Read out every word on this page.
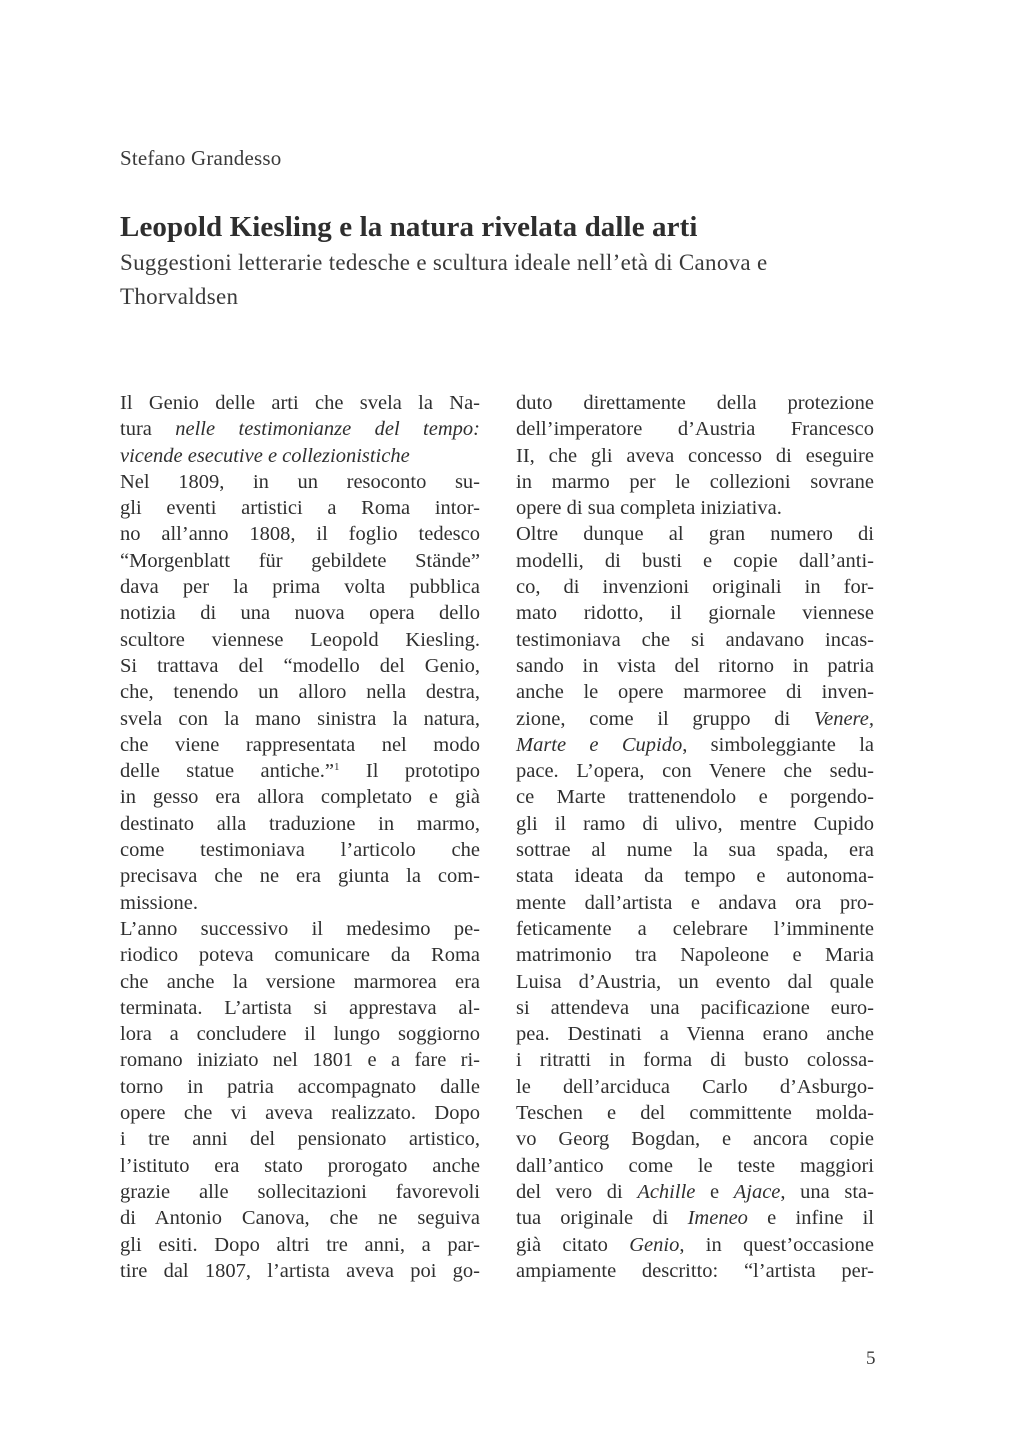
Stefano Grandesso
Leopold Kiesling e la natura rivelata dalle arti
Suggestioni letterarie tedesche e scultura ideale nell’età di Canova e Thorvaldsen
Il Genio delle arti che svela la Na-
tura nelle testimonianze del tempo:
vicende esecutive e collezionistiche
Nel 1809, in un resoconto su-
gli eventi artistici a Roma intor-
no all’anno 1808, il foglio tedesco
“Morgenblatt für gebildete Stände”
dava per la prima volta pubblica
notizia di una nuova opera dello
scultore viennese Leopold Kiesling.
Si trattava del “modello del Genio,
che, tenendo un alloro nella destra,
svela con la mano sinistra la natura,
che viene rappresentata nel modo
delle statue antiche.”$^1$ Il prototipo
in gesso era allora completato e già
destinato alla traduzione in marmo,
come testimoniava l’articolo che
precisava che ne era giunta la com-
missione.
L’anno successivo il medesimo pe-
riodico poteva comunicare da Roma
che anche la versione marmorea era
terminata. L’artista si apprestava al-
lora a concludere il lungo soggiorno
romano iniziato nel 1801 e a fare ri-
torno in patria accompagnato dalle
opere che vi aveva realizzato. Dopo
i tre anni del pensionato artistico,
l’istituto era stato prorogato anche
grazie alle sollecitazioni favorevoli
di Antonio Canova, che ne seguiva
gli esiti. Dopo altri tre anni, a par-
tire dal 1807, l’artista aveva poi go-
duto direttamente della protezione
dell’imperatore d’Austria Francesco
II, che gli aveva concesso di eseguire
in marmo per le collezioni sovrane
opere di sua completa iniziativa.
Oltre dunque al gran numero di
modelli, di busti e copie dall’anti-
co, di invenzioni originali in for-
mato ridotto, il giornale viennese
testimoniava che si andavano incas-
sando in vista del ritorno in patria
anche le opere marmoree di inven-
zione, come il gruppo di Venere,
Marte e Cupido, simboleggiante la
pace. L’opera, con Venere che sedu-
ce Marte trattenendolo e porgendo-
gli il ramo di ulivo, mentre Cupido
sottrae al nume la sua spada, era
stata ideata da tempo e autonoma-
mente dall’artista e andava ora pro-
feticamente a celebrare l’imminente
matrimonio tra Napoleone e Maria
Luisa d’Austria, un evento dal quale
si attendeva una pacificazione euro-
pea. Destinati a Vienna erano anche
i ritratti in forma di busto colossa-
le dell’arciduca Carlo d’Asburgo-
Teschen e del committente molda-
vo Georg Bogdan, e ancora copie
dall’antico come le teste maggiori
del vero di Achille e Ajace, una sta-
tua originale di Imeneo e infine il
già citato Genio, in quest’occasione
ampiamente descritto: “l’artista per-
5
